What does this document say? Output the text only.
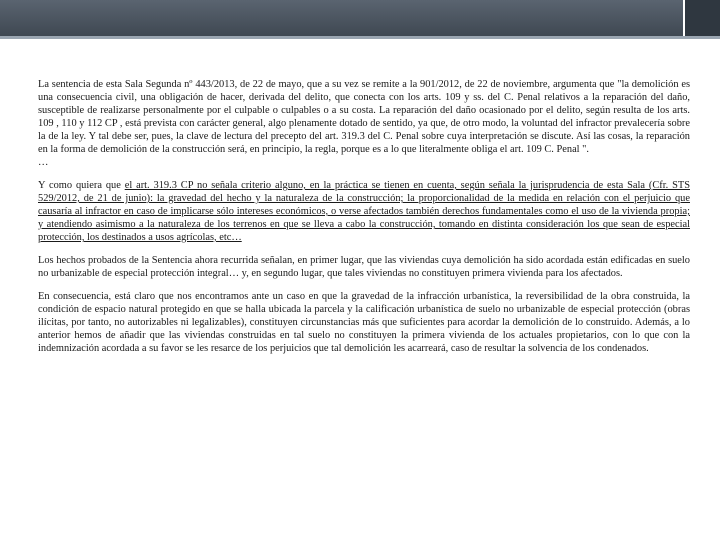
La sentencia de esta Sala Segunda nº 443/2013, de 22 de mayo, que a su vez se remite a la 901/2012, de 22 de noviembre, argumenta que "la demolición es una consecuencia civil, una obligación de hacer, derivada del delito, que conecta con los arts. 109 y ss. del C. Penal relativos a la reparación del daño, susceptible de realizarse personalmente por el culpable o culpables o a su costa. La reparación del daño ocasionado por el delito, según resulta de los arts. 109 , 110 y 112 CP , está prevista con carácter general, algo plenamente dotado de sentido, ya que, de otro modo, la voluntad del infractor prevalecería sobre la de la ley. Y tal debe ser, pues, la clave de lectura del precepto del art. 319.3 del C. Penal sobre cuya interpretación se discute. Así las cosas, la reparación en la forma de demolición de la construcción será, en principio, la regla, porque es a lo que literalmente obliga el art. 109 C. Penal ".

…

Y como quiera que el art. 319.3 CP no señala criterio alguno, en la práctica se tienen en cuenta, según señala la jurisprudencia de esta Sala (Cfr. STS 529/2012, de 21 de junio): la gravedad del hecho y la naturaleza de la construcción; la proporcionalidad de la medida en relación con el perjuicio que causaría al infractor en caso de implicarse sólo intereses económicos, o verse afectados también derechos fundamentales como el uso de la vivienda propia; y atendiendo asimismo a la naturaleza de los terrenos en que se lleva a cabo la construcción, tomando en distinta consideración los que sean de especial protección, los destinados a usos agrícolas, etc…

Los hechos probados de la Sentencia ahora recurrida señalan, en primer lugar, que las viviendas cuya demolición ha sido acordada están edificadas en suelo no urbanizable de especial protección integral… y, en segundo lugar, que tales viviendas no constituyen primera vivienda para los afectados.

En consecuencia, está claro que nos encontramos ante un caso en que la gravedad de la infracción urbanística, la reversibilidad de la obra construida, la condición de espacio natural protegido en que se halla ubicada la parcela y la calificación urbanística de suelo no urbanizable de especial protección (obras ilícitas, por tanto, no autorizables ni legalizables), constituyen circunstancias más que suficientes para acordar la demolición de lo construido. Además, a lo anterior hemos de añadir que las viviendas construidas en tal suelo no constituyen la primera vivienda de los actuales propietarios, con lo que con la indemnización acordada a su favor se les resarce de los perjuicios que tal demolición les acarreará, caso de resultar la solvencia de los condenados.
